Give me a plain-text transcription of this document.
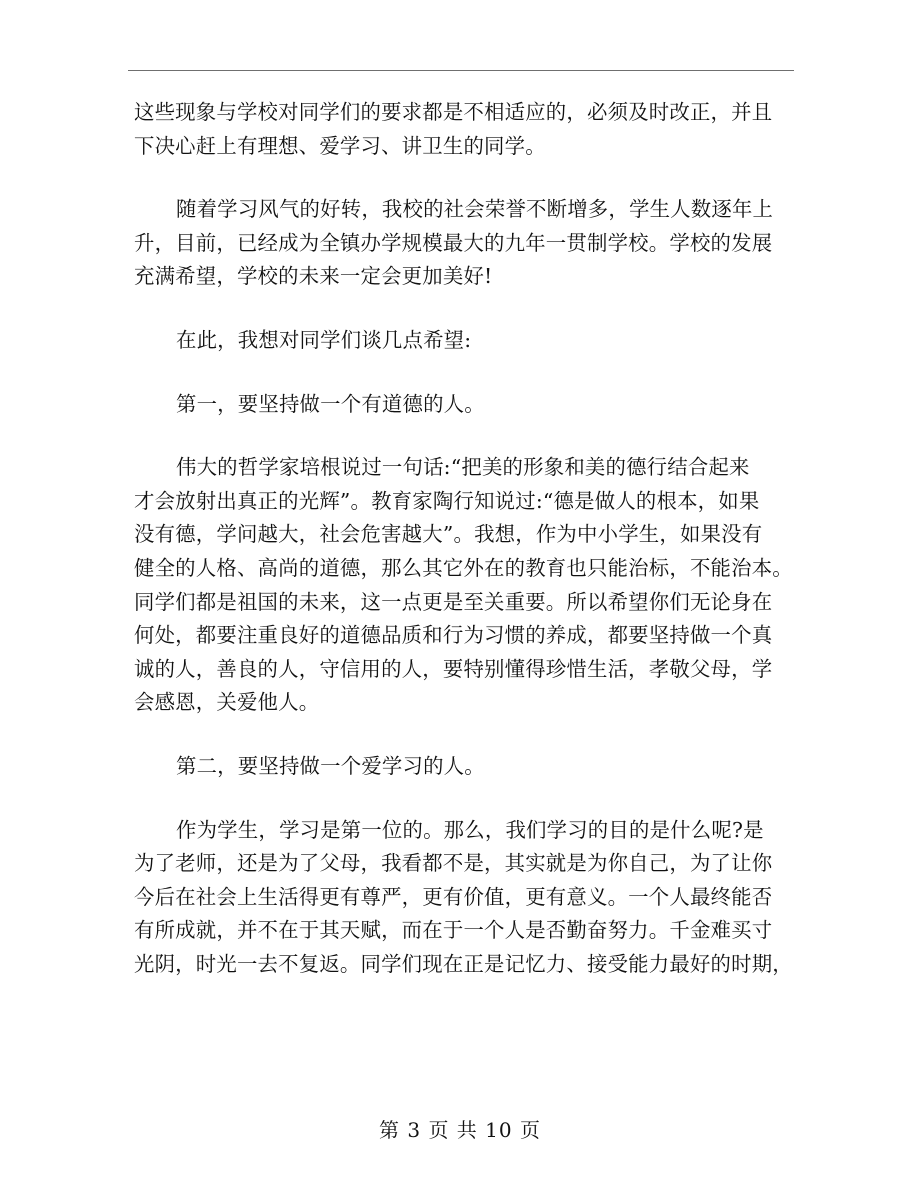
这些现象与学校对同学们的要求都是不相适应的，必须及时改正，并且
下决心赶上有理想、爱学习、讲卫生的同学。

随着学习风气的好转，我校的社会荣誉不断增多，学生人数逐年上
升，目前，已经成为全镇办学规模最大的九年一贯制学校。学校的发展
充满希望，学校的未来一定会更加美好!

在此，我想对同学们谈几点希望:

第一，要坚持做一个有道德的人。

伟大的哲学家培根说过一句话:“把美的形象和美的德行结合起来
才会放射出真正的光辉”。教育家陶行知说过:“德是做人的根本，如果
没有德，学问越大，社会危害越大”。我想，作为中小学生，如果没有
健全的人格、高尚的道德，那么其它外在的教育也只能治标，不能治本。
同学们都是祖国的未来，这一点更是至关重要。所以希望你们无论身在
何处，都要注重良好的道德品质和行为习惯的养成，都要坚持做一个真
诚的人，善良的人，守信用的人，要特别懂得珍惜生活，孝敬父母，学
会感恩，关爱他人。

第二，要坚持做一个爱学习的人。

作为学生，学习是第一位的。那么，我们学习的目的是什么呢?是
为了老师，还是为了父母，我看都不是，其实就是为你自己，为了让你
今后在社会上生活得更有尊严，更有价值，更有意义。一个人最终能否
有所成就，并不在于其天赋，而在于一个人是否勤奋努力。千金难买寸
光阴，时光一去不复返。同学们现在正是记忆力、接受能力最好的时期，

第 3 页 共 10 页
